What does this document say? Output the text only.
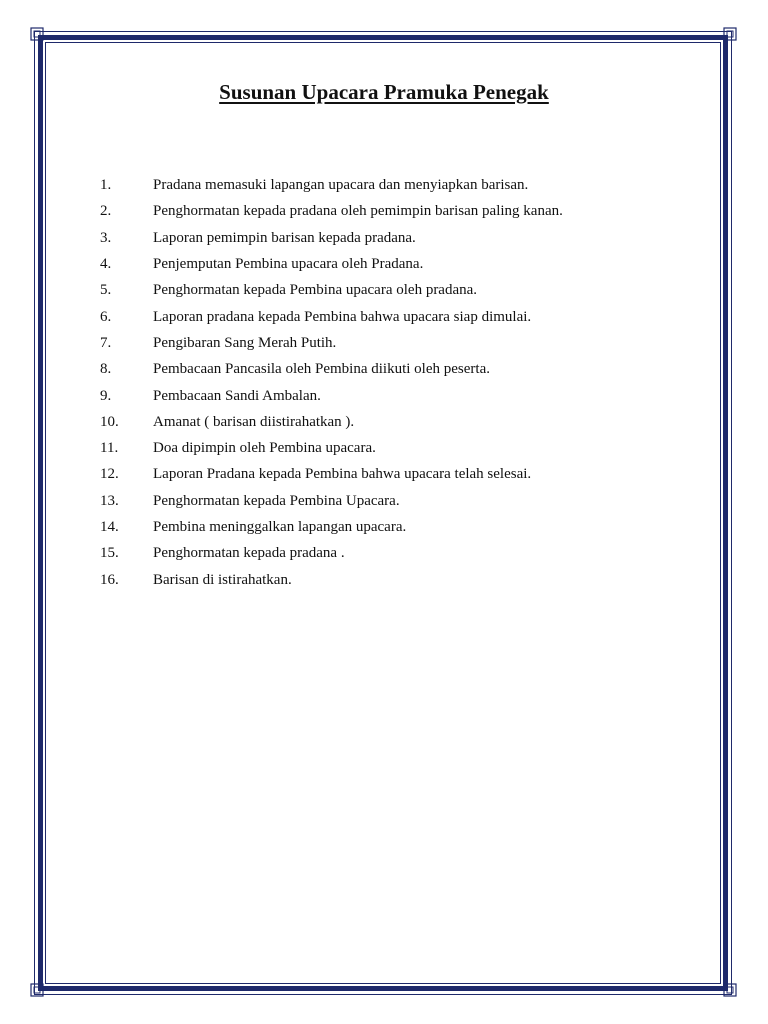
Susunan Upacara Pramuka Penegak
1.	Pradana memasuki lapangan upacara dan menyiapkan barisan.
2.	Penghormatan kepada pradana oleh pemimpin barisan paling kanan.
3.	Laporan pemimpin barisan kepada pradana.
4.	Penjemputan Pembina upacara oleh Pradana.
5.	Penghormatan kepada Pembina upacara oleh pradana.
6.	Laporan pradana kepada Pembina bahwa upacara siap dimulai.
7.	Pengibaran Sang Merah Putih.
8.	Pembacaan Pancasila oleh Pembina diikuti oleh peserta.
9.	Pembacaan Sandi Ambalan.
10.	Amanat ( barisan diistirahatkan ).
11.	Doa dipimpin oleh Pembina upacara.
12.	Laporan Pradana kepada Pembina bahwa upacara telah selesai.
13.	Penghormatan kepada Pembina Upacara.
14.	Pembina meninggalkan lapangan upacara.
15.	Penghormatan kepada pradana .
16.	Barisan di istirahatkan.
